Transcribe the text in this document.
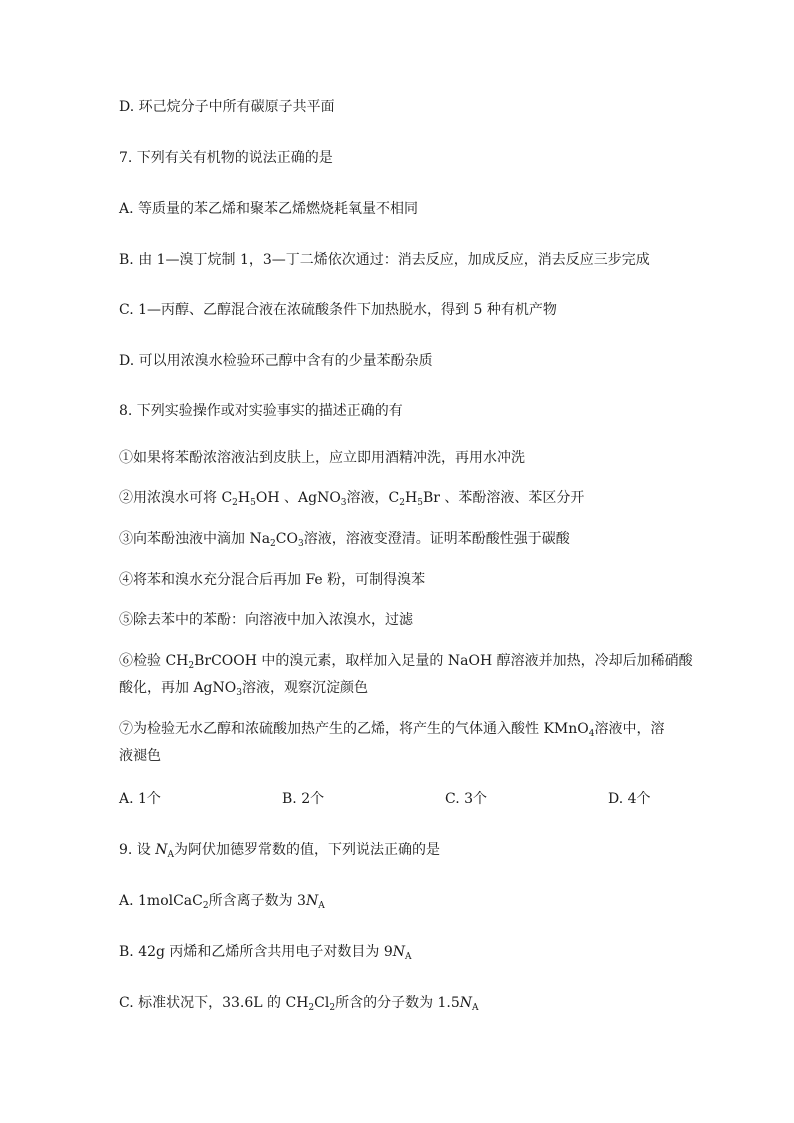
D. 环己烷分子中所有碳原子共平面
7. 下列有关有机物的说法正确的是
A. 等质量的苯乙烯和聚苯乙烯燃烧耗氧量不相同
B. 由 1—溴丁烷制 1，3—丁二烯依次通过：消去反应，加成反应，消去反应三步完成
C. 1—丙醇、乙醇混合液在浓硫酸条件下加热脱水，得到 5 种有机产物
D. 可以用浓溴水检验环己醇中含有的少量苯酚杂质
8. 下列实验操作或对实验事实的描述正确的有
①如果将苯酚浓溶液沾到皮肤上，应立即用酒精冲洗，再用水冲洗
②用浓溴水可将 $C_2H_5OH$ 、AgNO$_3$溶液，$C_2H_5Br$ 、苯酚溶液、苯区分开
③向苯酚浊液中滴加 $Na_2CO_3$溶液，溶液变澄清。证明苯酚酸性强于碳酸
④将苯和溴水充分混合后再加 Fe 粉，可制得溴苯
⑤除去苯中的苯酚：向溶液中加入浓溴水，过滤
⑥检验 $CH_2BrCOOH$ 中的溴元素，取样加入足量的 NaOH 醇溶液并加热，冷却后加稀硝酸
酸化，再加 AgNO$_3$溶液，观察沉淀颜色
⑦为检验无水乙醇和浓硫酸加热产生的乙烯，将产生的气体通入酸性 KMnO$_4$溶液中，溶
液褪色
A. 1个	B. 2个	C. 3个	D. 4个
9. 设 $N_A$为阿伏加德罗常数的值，下列说法正确的是
A. 1molCaC$_2$所含离子数为 $3N_A$
B. 42g 丙烯和乙烯所含共用电子对数目为 $9N_A$
C. 标准状况下，33.6L 的 $CH_2Cl_2$所含的分子数为 $1.5N_A$
